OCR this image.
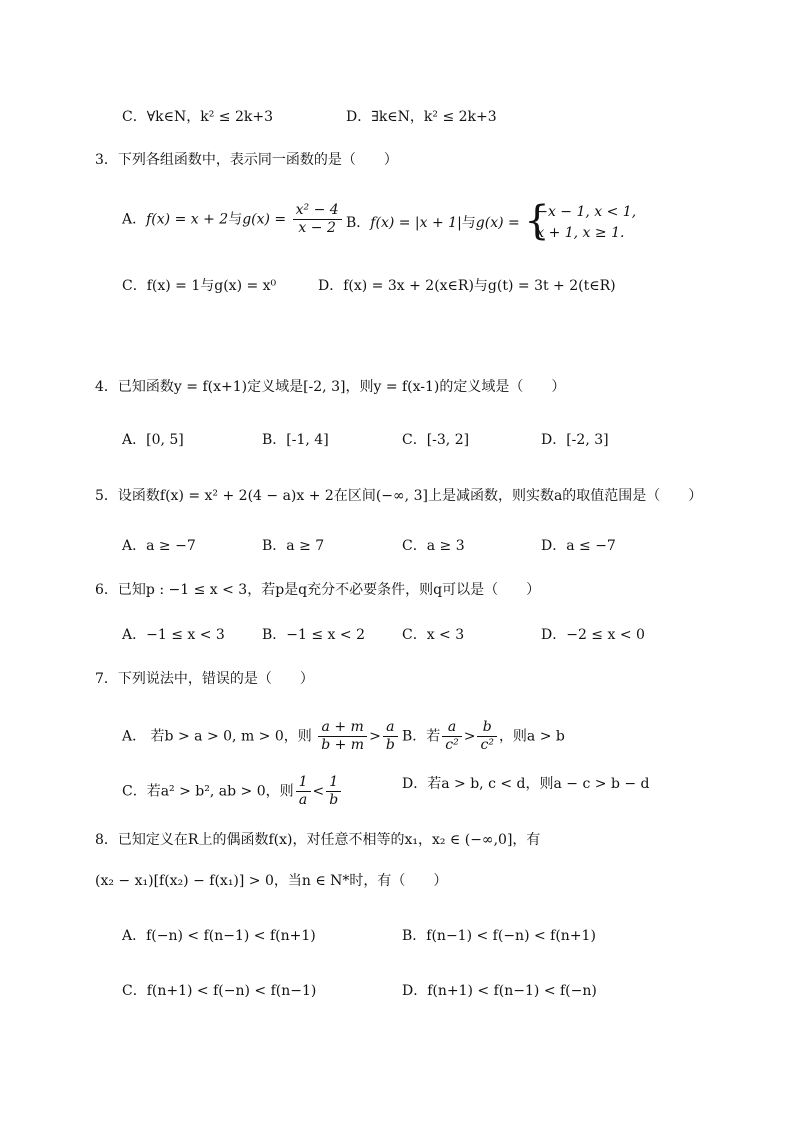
C．∀k∈N，k² ≤ 2k+3	D．∃k∈N，k² ≤ 2k+3
3．下列各组函数中，表示同一函数的是（　　）
A．f(x) = x + 2与$g(x) = \frac{\text{x² − 4}}{x - 2}$ B．f(x) = |x + 1|与g(x) = {
−x − 1, x < 1,
x + 1, x ≥ 1.
C．f(x) = 1与g(x) = x⁰	D．f(x) = 3x + 2(x∈R)与g(t) = 3t + 2(t∈R)
4．已知函数y = f(x+1)定义域是[-2, 3]，则y = f(x-1)的定义域是（　　）
A．[0, 5]	B．[-1, 4]	C．[-3, 2]	D．[-2, 3]
5．设函数f(x) = x² + 2(4 − a)x + 2在区间(−∞, 3]上是减函数，则实数a的取值范围是（　　）
A．a ≥ −7	B．a ≥ 7	C．a ≥ 3	D．a ≤ −7
6．已知p : −1 ≤ x < 3，若p是q充分不必要条件，则q可以是（　　）
A．−1 ≤ x < 3	B．−1 ≤ x < 2	C．x < 3	D．−2 ≤ x < 0
7．下列说法中，错误的是（　　）
A． 若b > a > 0, m > 0，则 $\frac{a + m}{b + m} > \frac{a}{b}$ B．若 $\frac{a}{\text{c²}} > \frac{b}{\text{c²}}$ ，则a > b
C．若a² > b², ab > 0，则 $\frac{1}{a} < \frac{1}{b}$	D．若a > b, c < d，则a − c > b − d
8．已知定义在R上的偶函数f(x)，对任意不相等的x₁，x₂ ∈ (−∞,0]，有
(x₂ − x₁)[f(x₂) − f(x₁)] > 0，当n ∈ N*时，有（　　）
A．f(−n) < f(n−1) < f(n+1)	B．f(n−1) < f(−n) < f(n+1)
C．f(n+1) < f(−n) < f(n−1)	D．f(n+1) < f(n−1) < f(−n)
